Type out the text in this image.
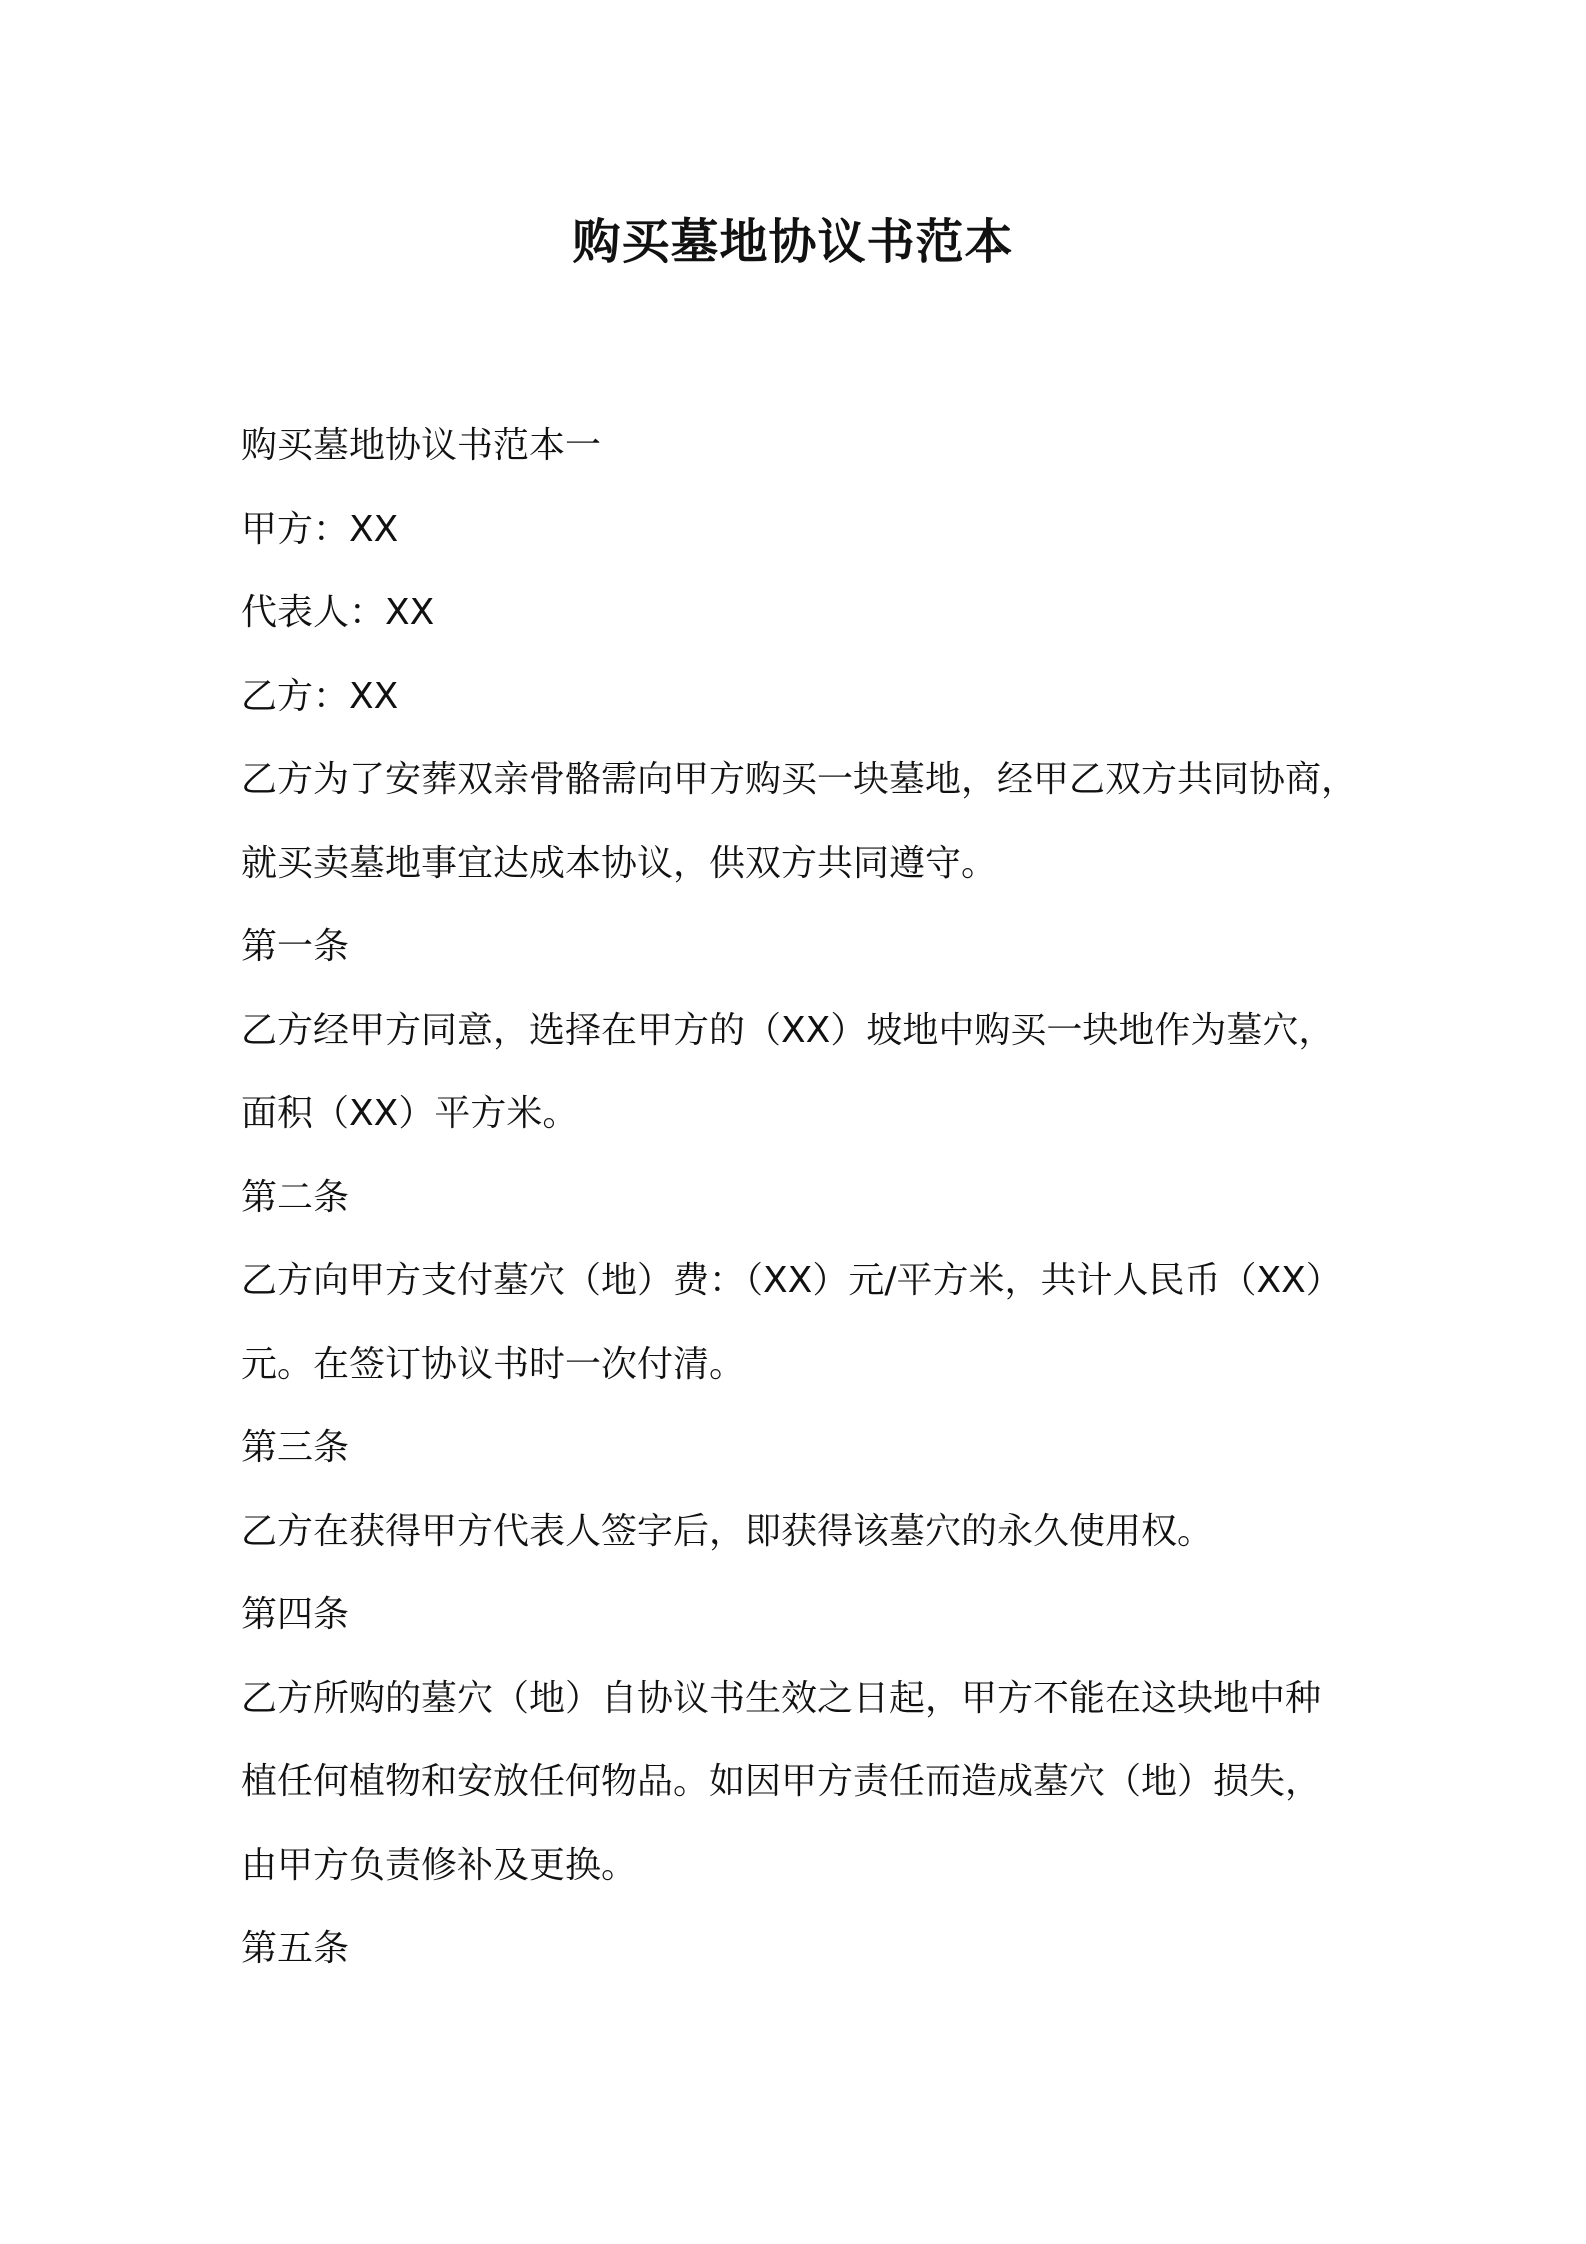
购买墓地协议书范本
购买墓地协议书范本一
甲方：XX
代表人：XX
乙方：XX
乙方为了安葬双亲骨骼需向甲方购买一块墓地，经甲乙双方共同协商，
就买卖墓地事宜达成本协议，供双方共同遵守。
第一条
乙方经甲方同意，选择在甲方的（XX）坡地中购买一块地作为墓穴，
面积（XX）平方米。
第二条
乙方向甲方支付墓穴（地）费：（XX）元/平方米，共计人民币（XX）
元。在签订协议书时一次付清。
第三条
乙方在获得甲方代表人签字后，即获得该墓穴的永久使用权。
第四条
乙方所购的墓穴（地）自协议书生效之日起，甲方不能在这块地中种
植任何植物和安放任何物品。如因甲方责任而造成墓穴（地）损失，
由甲方负责修补及更换。
第五条
